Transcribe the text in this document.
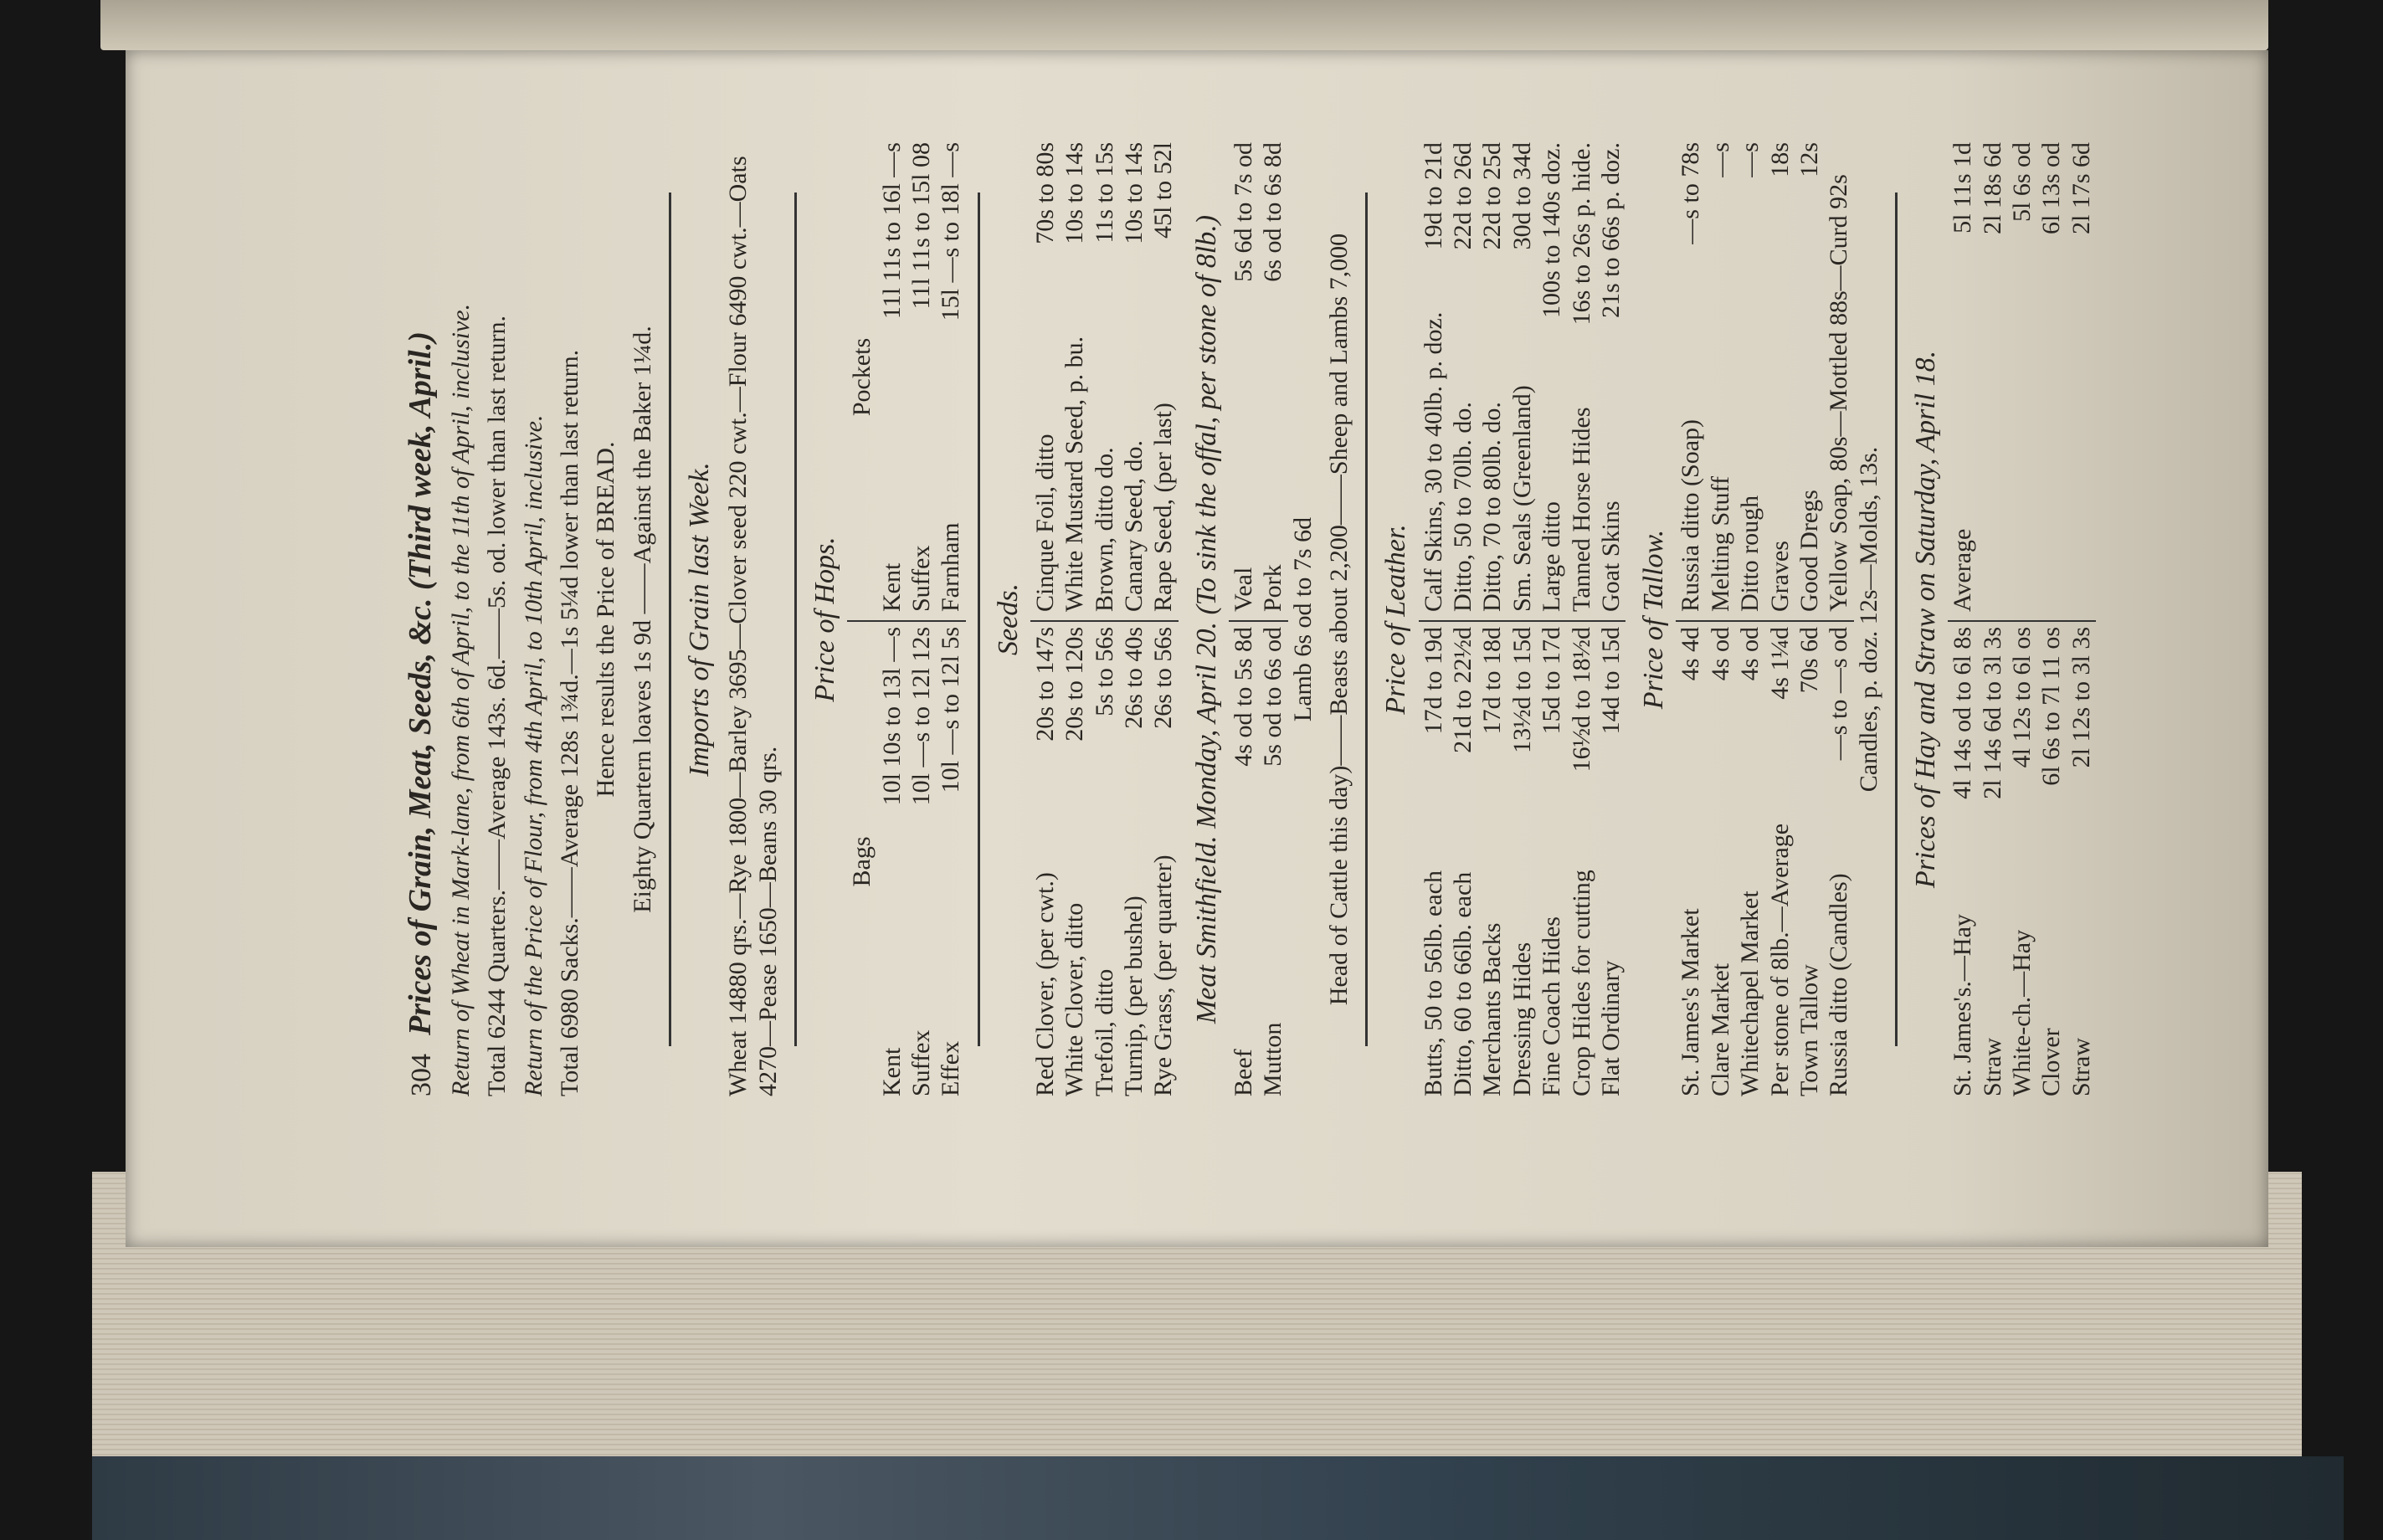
304
Prices of Grain, Meat, Seeds, &c. (Third week, April.) Return of Wheat in Mark-lane, from 6th of April, to the 11th of April, inclusive. Total 6244 Quarters.——Average 143s. 6d.——5s. od. lower than last return. Return of the Price of Flour, from 4th April, to 10th April, inclusive. Total 6980 Sacks.——Average 128s 1¾d.—1s 5¼d lower than last return. Hence results the Price of BREAD. Eighty Quartern loaves 1s 9d ——Against the Baker 1¼d. Imports of Grain last Week. Wheat 14880 qrs.—Rye 1800—Barley 3695—Clover seed 220 cwt.—Flour 6490 cwt.—Oats 4270—Pease 1650—Beans 30 qrs.
Price of Hops.
Bags
Kent
10l 10s to 13l —s
Suffex
10l —s to 12l 12s
Effex
10l —s to 12l 5s
Pockets
Kent
11l 11s to 16l —s
Suffex
11l 11s to 15l 08
Farnham
15l —s to 18l —s
Seeds.
Red Clover, (per cwt.)
20s to 147s
White Clover, ditto
20s to 120s
Trefoil, ditto
5s to 56s
Turnip, (per bushel)
26s to 40s
Rye Grass, (per quarter)
26s to 56s
Cinque Foil, ditto
70s to 80s
White Mustard Seed, p. bu.
10s to 14s
Brown, ditto do.
11s to 15s
Canary Seed, do.
10s to 14s
Rape Seed, (per last)
45l to 52l
Meat Smithfield. Monday, April 20. (To sink the offal, per stone of 8lb.)
Beef
4s od to 5s 8d
Mutton
5s od to 6s od
Veal
5s 6d to 7s od
Pork
6s od to 6s 8d
Lamb 6s od to 7s 6d Head of Cattle this day)——Beasts about 2,200——Sheep and Lambs 7,000 Price of Leather.
Butts, 50 to 56lb. each
17d to 19d
Ditto, 60 to 66lb. each
21d to 22½d
Merchants Backs
17d to 18d
Dressing Hides
13½d to 15d
Fine Coach Hides
15d to 17d
Crop Hides for cutting
16½d to 18½d
Flat Ordinary
14d to 15d
Calf Skins, 30 to 40lb. p. doz.
19d to 21d
Ditto, 50 to 70lb. do.
22d to 26d
Ditto, 70 to 80lb. do.
22d to 25d
Sm. Seals (Greenland)
30d to 34d
Large ditto
100s to 140s doz.
Tanned Horse Hides
16s to 26s p. hide.
Goat Skins
21s to 66s p. doz.
Price of Tallow.
St. James's Market
4s 4d
Clare Market
4s od
Whitechapel Market
4s od
Per stone of 8lb.—Average
4s 1¼d
Town Tallow
70s 6d
Russia ditto (Candles)
—s to —s od
Russia ditto (Soap)
—s to 78s
Melting Stuff
—s
Ditto rough
—s
Graves
18s
Good Dregs
12s
Yellow Soap, 80s—Mottled 88s—Curd 92s
Candles, p. doz. 12s—Molds, 13s. Prices of Hay and Straw on Saturday, April 18.
St. James's.—Hay
4l 14s od to 6l 8s
Straw
2l 14s 6d to 3l 3s
White-ch.—Hay
4l 12s to 6l os
Clover
6l 6s to 7l 11 os
Straw
2l 12s to 3l 3s
Average
5l 11s 1d 2l 18s 6d 5l 6s od 6l 13s od 2l 17s 6d
